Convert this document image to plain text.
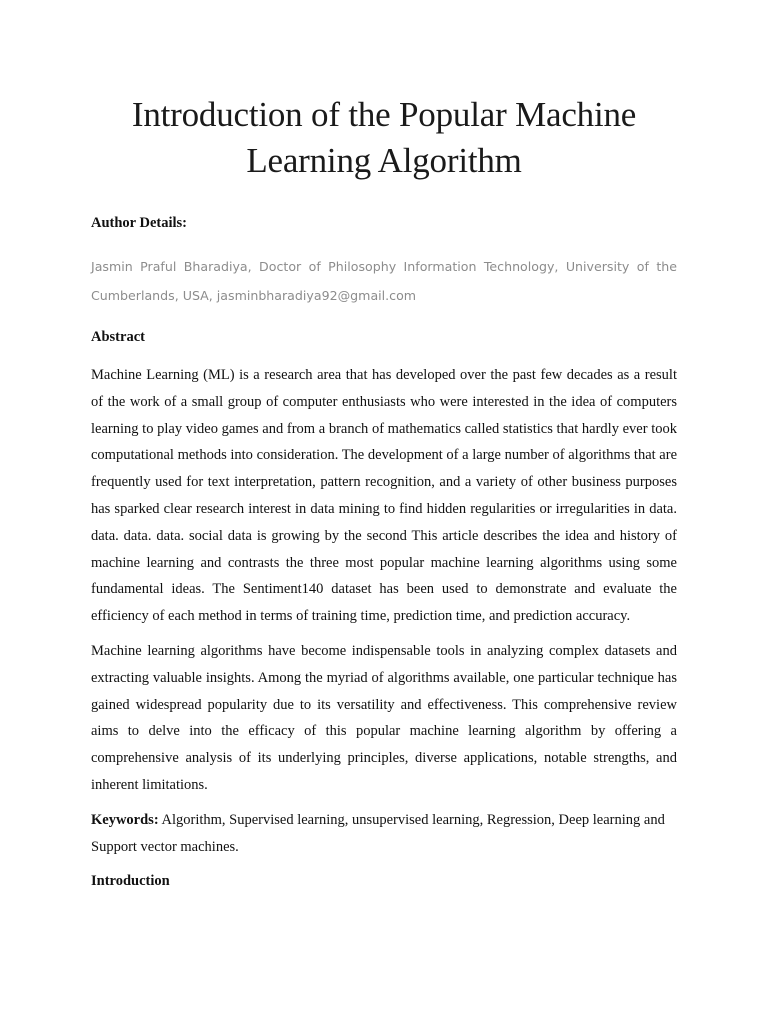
Introduction of the Popular Machine Learning Algorithm
Author Details:

Jasmin Praful Bharadiya, Doctor of Philosophy Information Technology, University of the Cumberlands, USA, jasminbharadiya92@gmail.com

Abstract

Machine Learning (ML) is a research area that has developed over the past few decades as a result of the work of a small group of computer enthusiasts who were interested in the idea of computers learning to play video games and from a branch of mathematics called statistics that hardly ever took computational methods into consideration. The development of a large number of algorithms that are frequently used for text interpretation, pattern recognition, and a variety of other business purposes has sparked clear research interest in data mining to find hidden regularities or irregularities in data. data. data. data. social data is growing by the second This article describes the idea and history of machine learning and contrasts the three most popular machine learning algorithms using some fundamental ideas. The Sentiment140 dataset has been used to demonstrate and evaluate the efficiency of each method in terms of training time, prediction time, and prediction accuracy.

Machine learning algorithms have become indispensable tools in analyzing complex datasets and extracting valuable insights. Among the myriad of algorithms available, one particular technique has gained widespread popularity due to its versatility and effectiveness. This comprehensive review aims to delve into the efficacy of this popular machine learning algorithm by offering a comprehensive analysis of its underlying principles, diverse applications, notable strengths, and inherent limitations.

Keywords: Algorithm, Supervised learning, unsupervised learning, Regression, Deep learning and Support vector machines.

Introduction
